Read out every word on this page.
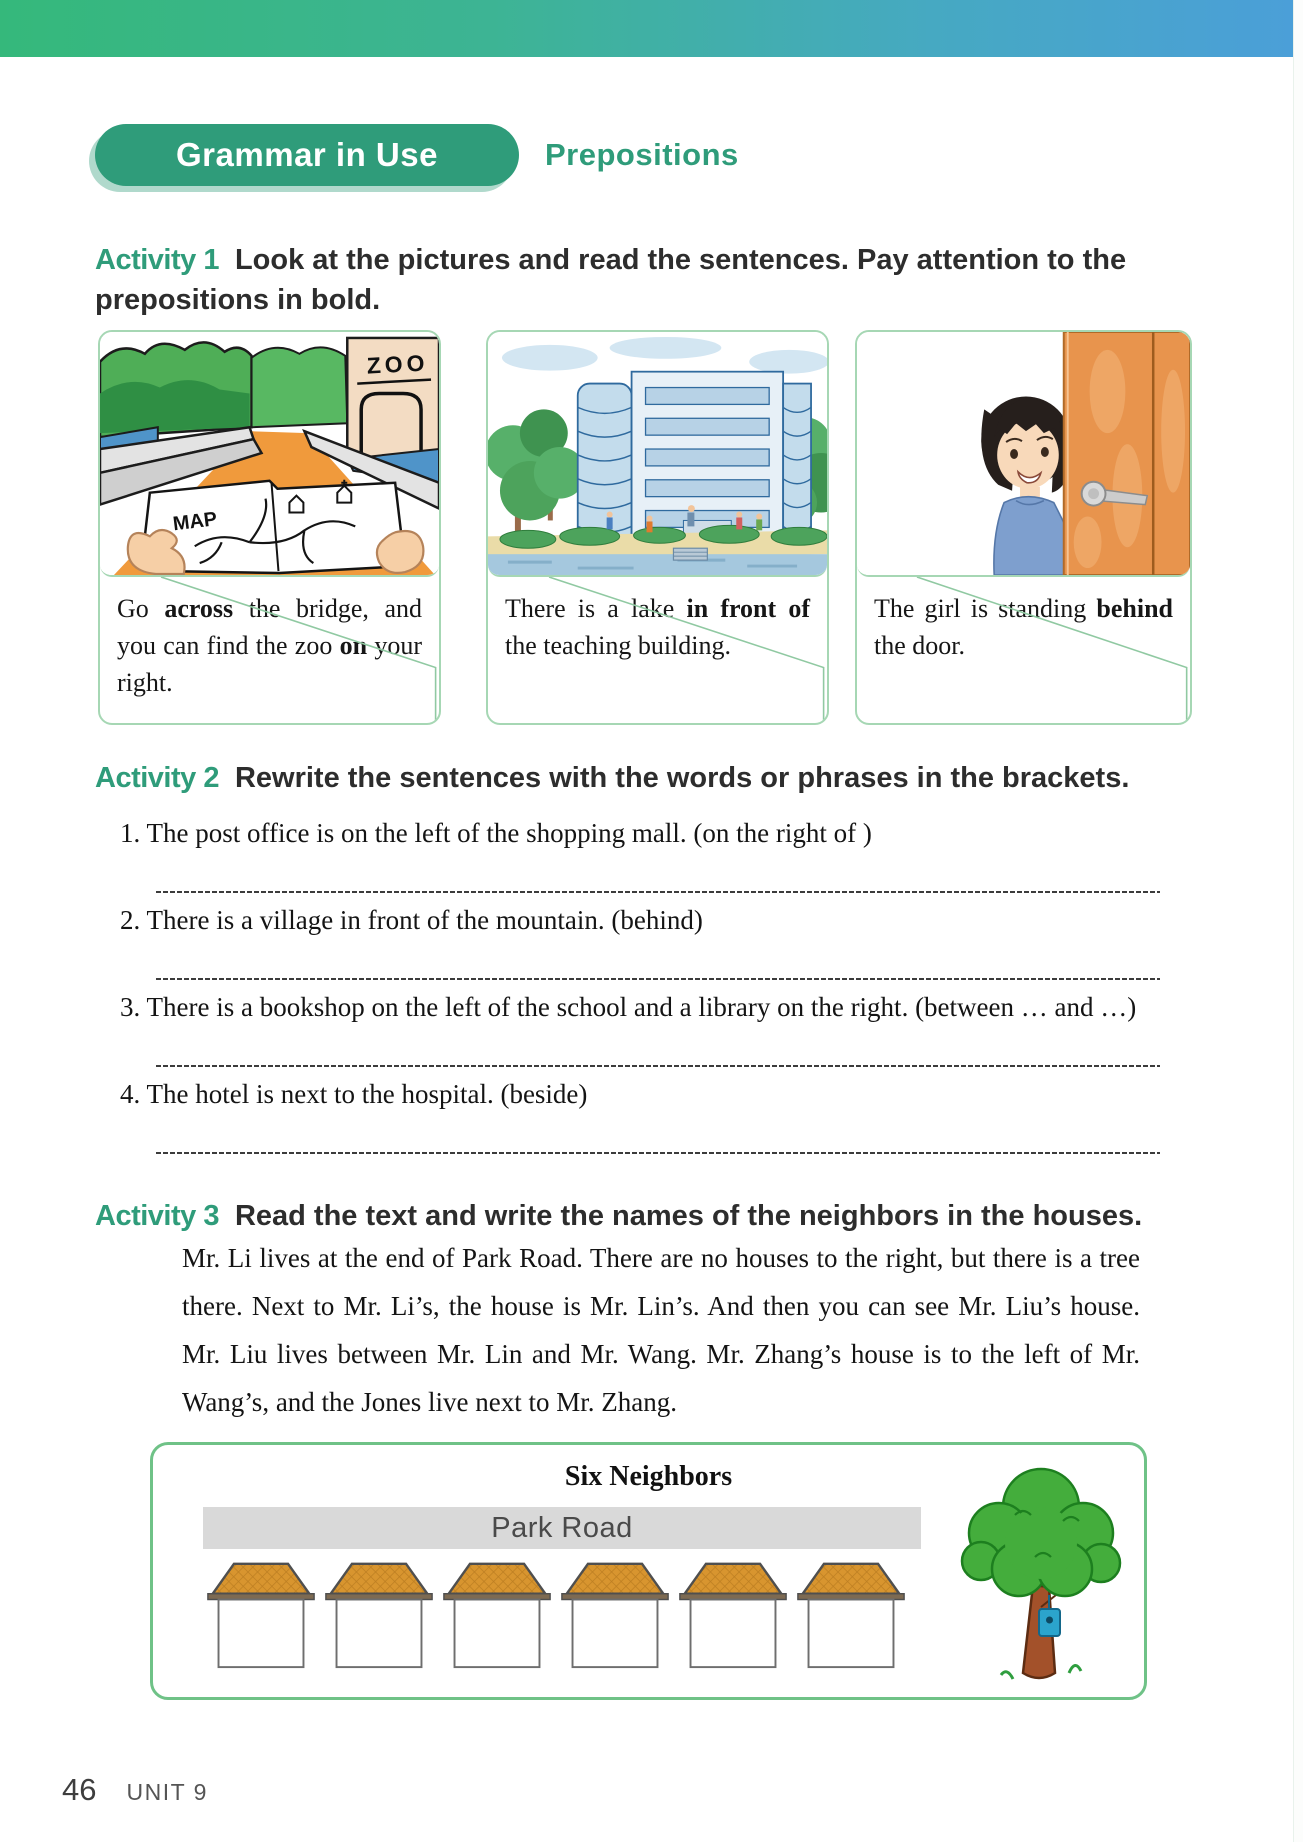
Grammar in Use	Prepositions
Activity 1 Look at the pictures and read the sentences. Pay attention to the prepositions in bold.
ZOO
MAP
Go across the bridge, and you can find the zoo on your right.
There is a lake in front of the teaching building.
The girl is standing behind the door.
Activity 2 Rewrite the sentences with the words or phrases in the brackets.
1. The post office is on the left of the shopping mall. (on the right of )
2. There is a village in front of the mountain. (behind)
3. There is a bookshop on the left of the school and a library on the right. (between … and …)
4. The hotel is next to the hospital. (beside)
Activity 3 Read the text and write the names of the neighbors in the houses.
Mr. Li lives at the end of Park Road. There are no houses to the right, but there is a tree there. Next to Mr. Li’s, the house is Mr. Lin’s. And then you can see Mr. Liu’s house. Mr. Liu lives between Mr. Lin and Mr. Wang. Mr. Zhang’s house is to the left of Mr. Wang’s, and the Jones live next to Mr. Zhang.
Six Neighbors
Park Road
46 UNIT 9
